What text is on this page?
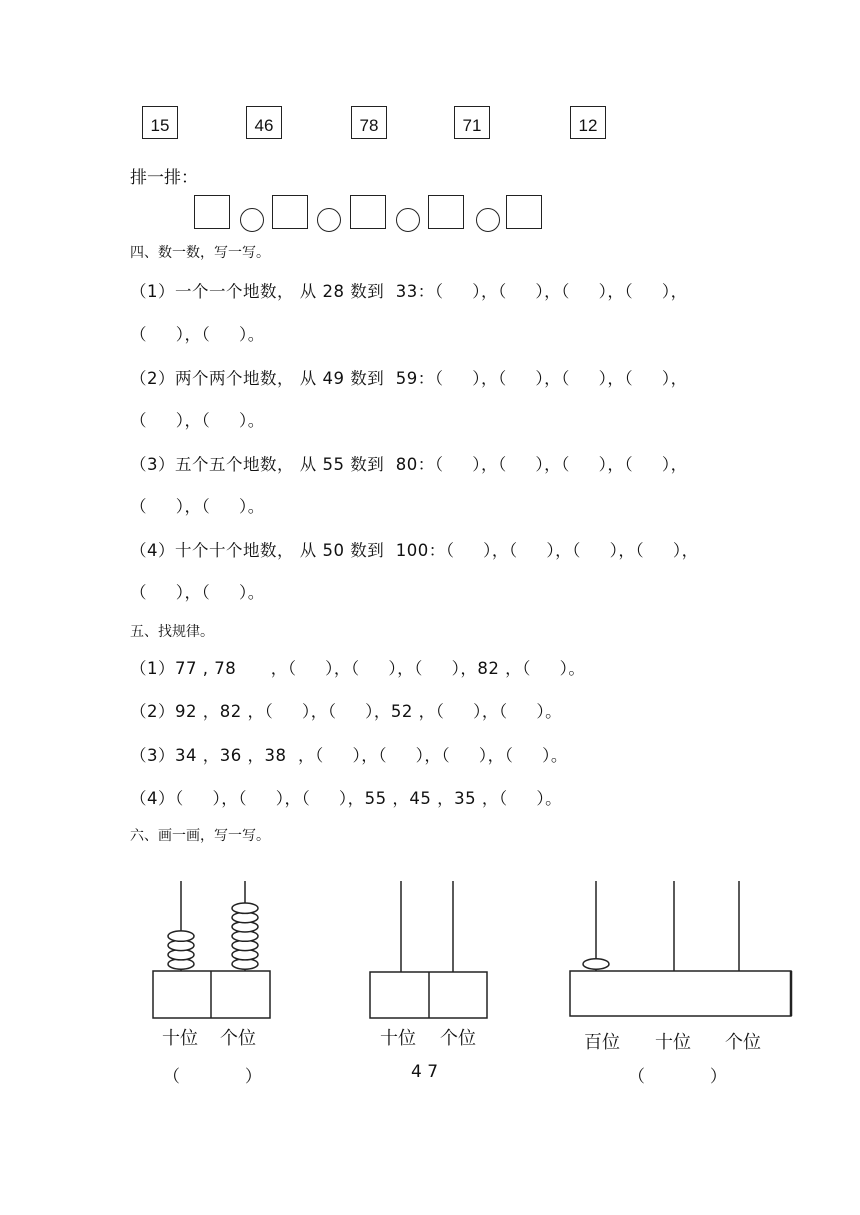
15	46	78	71	12
排一排：
四、数一数，写一写。
（1）一个一个地数， 从 28 数到  33：（     ），（     ），（     ），（     ），
（     ），（     ）。
（2）两个两个地数， 从 49 数到  59：（     ），（     ），（     ），（     ），
（     ），（     ）。
（3）五个五个地数， 从 55 数到  80：（     ），（     ），（     ），（     ），
（     ），（     ）。
（4）十个十个地数， 从 50 数到  100：（     ），（     ），（     ），（     ），
（     ），（     ）。
五、找规律。
（1）77 , 78      ，（     ），（     ），（     ），82 ，（     ）。
（2）92 ，82 ，（     ），（     ），52 ，（     ），（     ）。
（3）34 ，36 ，38  ，（     ），（     ），（     ），（     ）。
（4）（     ），（     ），（     ），55 ，45 ，35 ，（     ）。
六、画一画，写一写。
十位 个位
（            ）
十位 个位
4 7
百位 十位 个位
（            ）
